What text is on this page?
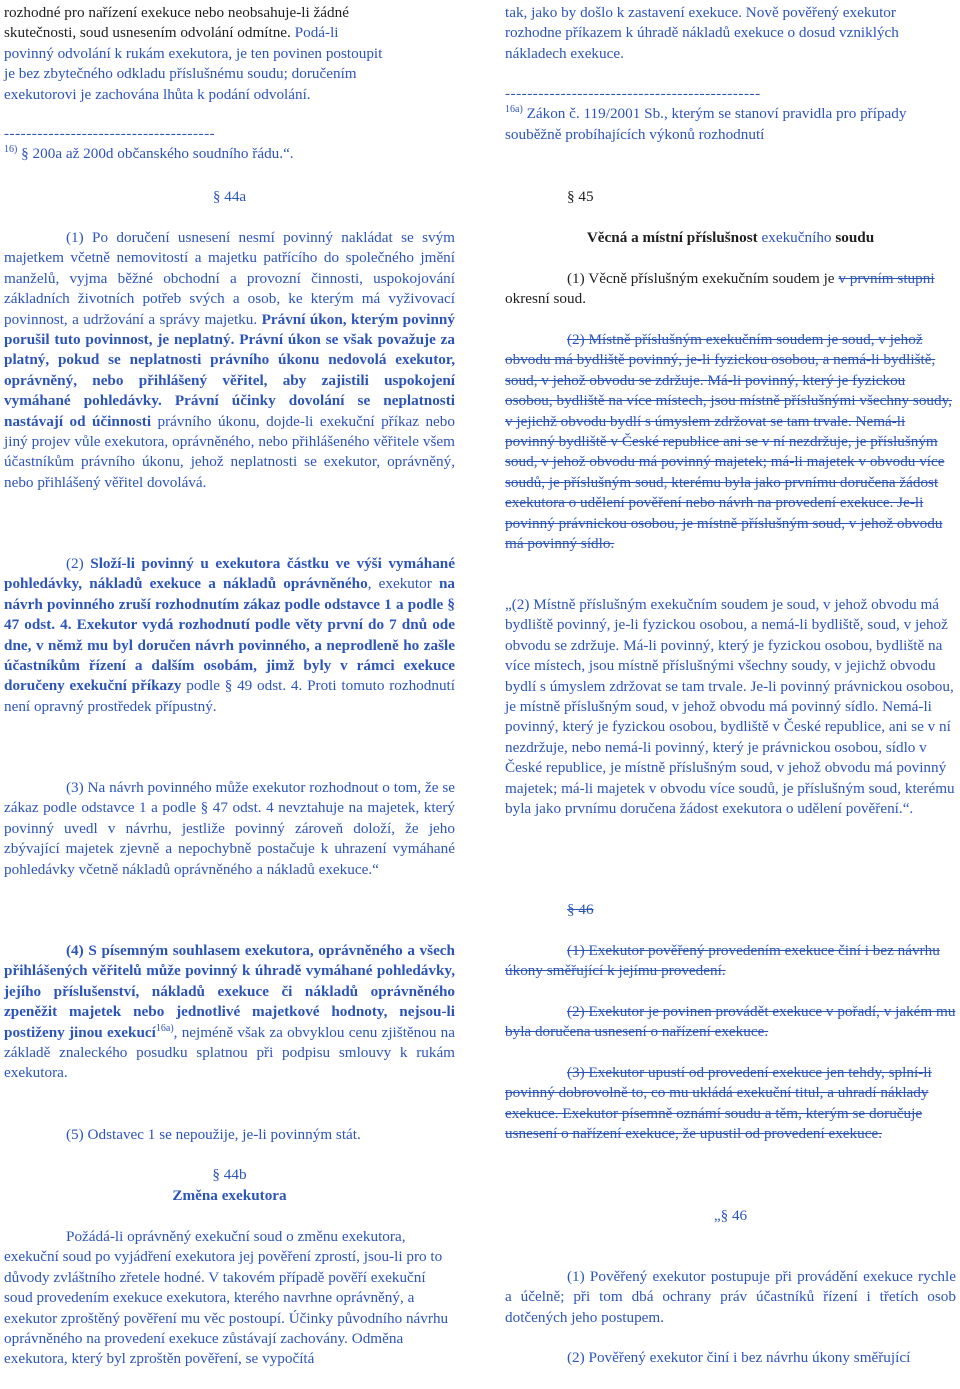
rozhodné pro nařízení exekuce nebo neobsahuje-li žádné

skutečnosti, soud usnesením odvolání odmítne. Podá-li

povinný odvolání k rukám exekutora, je ten povinen postoupit

je bez zbytečného odkladu příslušnému soudu; doručením

exekutorovi je zachována lhůta k podání odvolání.

--------------------------------------

$^{16)}$ § 200a až 200d občanského soudního řádu.“.

§ 44a

(1) Po doručení usnesení nesmí povinný nakládat se svým majetkem včetně nemovitostí a majetku patřícího do společného jmění manželů, vyjma běžné obchodní a provozní činnosti, uspokojování základních životních potřeb svých a osob, ke kterým má vyživovací povinnost, a udržování a správy majetku. Právní úkon, kterým povinný porušil tuto povinnost, je neplatný. Právní úkon se však považuje za platný, pokud se neplatnosti právního úkonu nedovolá exekutor, oprávněný, nebo přihlášený věřitel, aby zajistili uspokojení vymáhané pohledávky. Právní účinky dovolání se neplatnosti nastávají od účinnosti právního úkonu, dojde-li exekuční příkaz nebo jiný projev vůle exekutora, oprávněného, nebo přihlášeného věřitele všem účastníkům právního úkonu, jehož neplatnosti se exekutor, oprávněný, nebo přihlášený věřitel dovolává.

(2) Složí-li povinný u exekutora částku ve výši vymáhané pohledávky, nákladů exekuce a nákladů oprávněného, exekutor na návrh povinného zruší rozhodnutím zákaz podle odstavce 1 a podle § 47 odst. 4. Exekutor vydá rozhodnutí podle věty první do 7 dnů ode dne, v němž mu byl doručen návrh povinného, a neprodleně ho zašle účastníkům řízení a dalším osobám, jimž byly v rámci exekuce doručeny exekuční příkazy podle § 49 odst. 4. Proti tomuto rozhodnutí není opravný prostředek přípustný.

(3) Na návrh povinného může exekutor rozhodnout o tom, že se zákaz podle odstavce 1 a podle § 47 odst. 4 nevztahuje na majetek, který povinný uvedl v návrhu, jestliže povinný zároveň doloží, že jeho zbývající majetek zjevně a nepochybně postačuje k uhrazení vymáhané pohledávky včetně nákladů oprávněného a nákladů exekuce.“

(4) S písemným souhlasem exekutora, oprávněného a všech přihlášených věřitelů může povinný k úhradě vymáhané pohledávky, jejího příslušenství, nákladů exekuce či nákladů oprávněného zpeněžit majetek nebo jednotlivé majetkové hodnoty, nejsou-li postiženy jinou exekucí$^{16a)}$, nejméně však za obvyklou cenu zjištěnou na základě znaleckého posudku splatnou při podpisu smlouvy k rukám exekutora.

(5) Odstavec 1 se nepoužije, je-li povinným stát.

§ 44b

Změna exekutora

Požádá-li oprávněný exekuční soud o změnu exekutora, exekuční soud po vyjádření exekutora jej pověření zprostí, jsou-li pro to důvody zvláštního zřetele hodné. V takovém případě pověří exekuční soud provedením exekuce exekutora, kterého navrhne oprávněný, a exekutor zproštěný pověření mu věc postoupí. Účinky původního návrhu oprávněného na provedení exekuce zůstávají zachovány. Odměna exekutora, který byl zproštěn pověření, se vypočítá

tak, jako by došlo k zastavení exekuce. Nově pověřený exekutor rozhodne příkazem k úhradě nákladů exekuce o dosud vzniklých nákladech exekuce.

----------------------------------------------

$^{16a)}$ Zákon č. 119/2001 Sb., kterým se stanoví pravidla pro případy souběžně probíhajících výkonů rozhodnutí

§ 45

Věcná a místní příslušnost exekučního soudu

(1) Věcně příslušným exekučním soudem je v prvním stupni okresní soud.

(2) Místně příslušným exekučním soudem je soud, v jehož obvodu má bydliště povinný, je-li fyzickou osobou, a nemá-li bydliště, soud, v jehož obvodu se zdržuje. Má-li povinný, který je fyzickou osobou, bydliště na více místech, jsou místně příslušnými všechny soudy, v jejichž obvodu bydlí s úmyslem zdržovat se tam trvale. Nemá-li povinný bydliště v České republice ani se v ní nezdržuje, je příslušným soud, v jehož obvodu má povinný majetek; má-li majetek v obvodu více soudů, je příslušným soud, kterému byla jako prvnímu doručena žádost exekutora o udělení pověření nebo návrh na provedení exekuce. Je-li povinný právnickou osobou, je místně příslušným soud, v jehož obvodu má povinný sídlo.

„(2) Místně příslušným exekučním soudem je soud, v jehož obvodu má bydliště povinný, je-li fyzickou osobou, a nemá-li bydliště, soud, v jehož obvodu se zdržuje. Má-li povinný, který je fyzickou osobou, bydliště na více místech, jsou místně příslušnými všechny soudy, v jejichž obvodu bydlí s úmyslem zdržovat se tam trvale. Je-li povinný právnickou osobou, je místně příslušným soud, v jehož obvodu má povinný sídlo. Nemá-li povinný, který je fyzickou osobou, bydliště v České republice, ani se v ní nezdržuje, nebo nemá-li povinný, který je právnickou osobou, sídlo v České republice, je místně příslušným soud, v jehož obvodu má povinný majetek; má-li majetek v obvodu více soudů, je příslušným soud, kterému byla jako prvnímu doručena žádost exekutora o udělení pověření.“.

§ 46

(1) Exekutor pověřený provedením exekuce činí i bez návrhu úkony směřující k jejímu provedení.

(2) Exekutor je povinen provádět exekuce v pořadí, v jakém mu byla doručena usnesení o nařízení exekuce.

(3) Exekutor upustí od provedení exekuce jen tehdy, splní-li povinný dobrovolně to, co mu ukládá exekuční titul, a uhradí náklady exekuce. Exekutor písemně oznámí soudu a těm, kterým se doručuje usnesení o nařízení exekuce, že upustil od provedení exekuce.

„§ 46

(1) Pověřený exekutor postupuje při provádění exekuce rychle a účelně; při tom dbá ochrany práv účastníků řízení i třetích osob dotčených jeho postupem.

(2) Pověřený exekutor činí i bez návrhu úkony směřující
